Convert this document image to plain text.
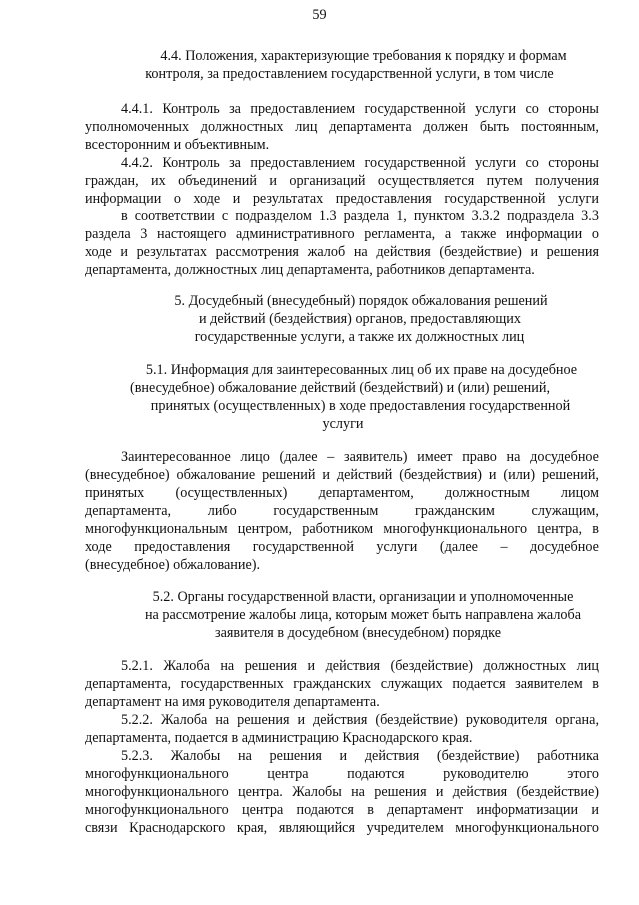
59
4.4. Положения, характеризующие требования к порядку и формам
контроля, за предоставлением государственной услуги, в том числе
4.4.1. Контроль за предоставлением государственной услуги со стороны
уполномоченных должностных лиц департамента должен быть постоянным,
всесторонним и объективным.
4.4.2. Контроль за предоставлением государственной услуги со стороны
граждан, их объединений и организаций осуществляется путем получения
информации о ходе и результатах предоставления государственной услуги
в соответствии с подразделом 1.3 раздела 1, пунктом 3.3.2 подраздела 3.3
раздела 3 настоящего административного регламента, а также информации о
ходе и результатах рассмотрения жалоб на действия (бездействие) и решения
департамента, должностных лиц департамента, работников департамента.
5. Досудебный (внесудебный) порядок обжалования решений
и действий (бездействия) органов, предоставляющих
государственные услуги, а также их должностных лиц
5.1. Информация для заинтересованных лиц об их праве на досудебное
(внесудебное) обжалование действий (бездействий) и (или) решений,
принятых (осуществленных) в ходе предоставления государственной
услуги
Заинтересованное лицо (далее – заявитель) имеет право на досудебное
(внесудебное) обжалование решений и действий (бездействия) и (или) решений,
принятых (осуществленных) департаментом, должностным лицом
департамента,	либо	государственным	гражданским	служащим,
многофункциональным центром, работником многофункционального центра, в
ходе предоставления государственной услуги (далее – досудебное
(внесудебное) обжалование).
5.2. Органы государственной власти, организации и уполномоченные
на рассмотрение жалобы лица, которым может быть направлена жалоба
заявителя в досудебном (внесудебном) порядке
5.2.1. Жалоба на решения и действия (бездействие) должностных лиц
департамента, государственных гражданских служащих подается заявителем в
департамент на имя руководителя департамента.
5.2.2. Жалоба на решения и действия (бездействие) руководителя органа,
департамента, подается в администрацию Краснодарского края.
5.2.3. Жалобы на решения и действия (бездействие) работника
многофункционального	центра	подаются	руководителю	этого
многофункционального центра. Жалобы на решения и действия (бездействие)
многофункционального центра подаются в департамент информатизации и
связи Краснодарского края, являющийся учредителем многофункционального
